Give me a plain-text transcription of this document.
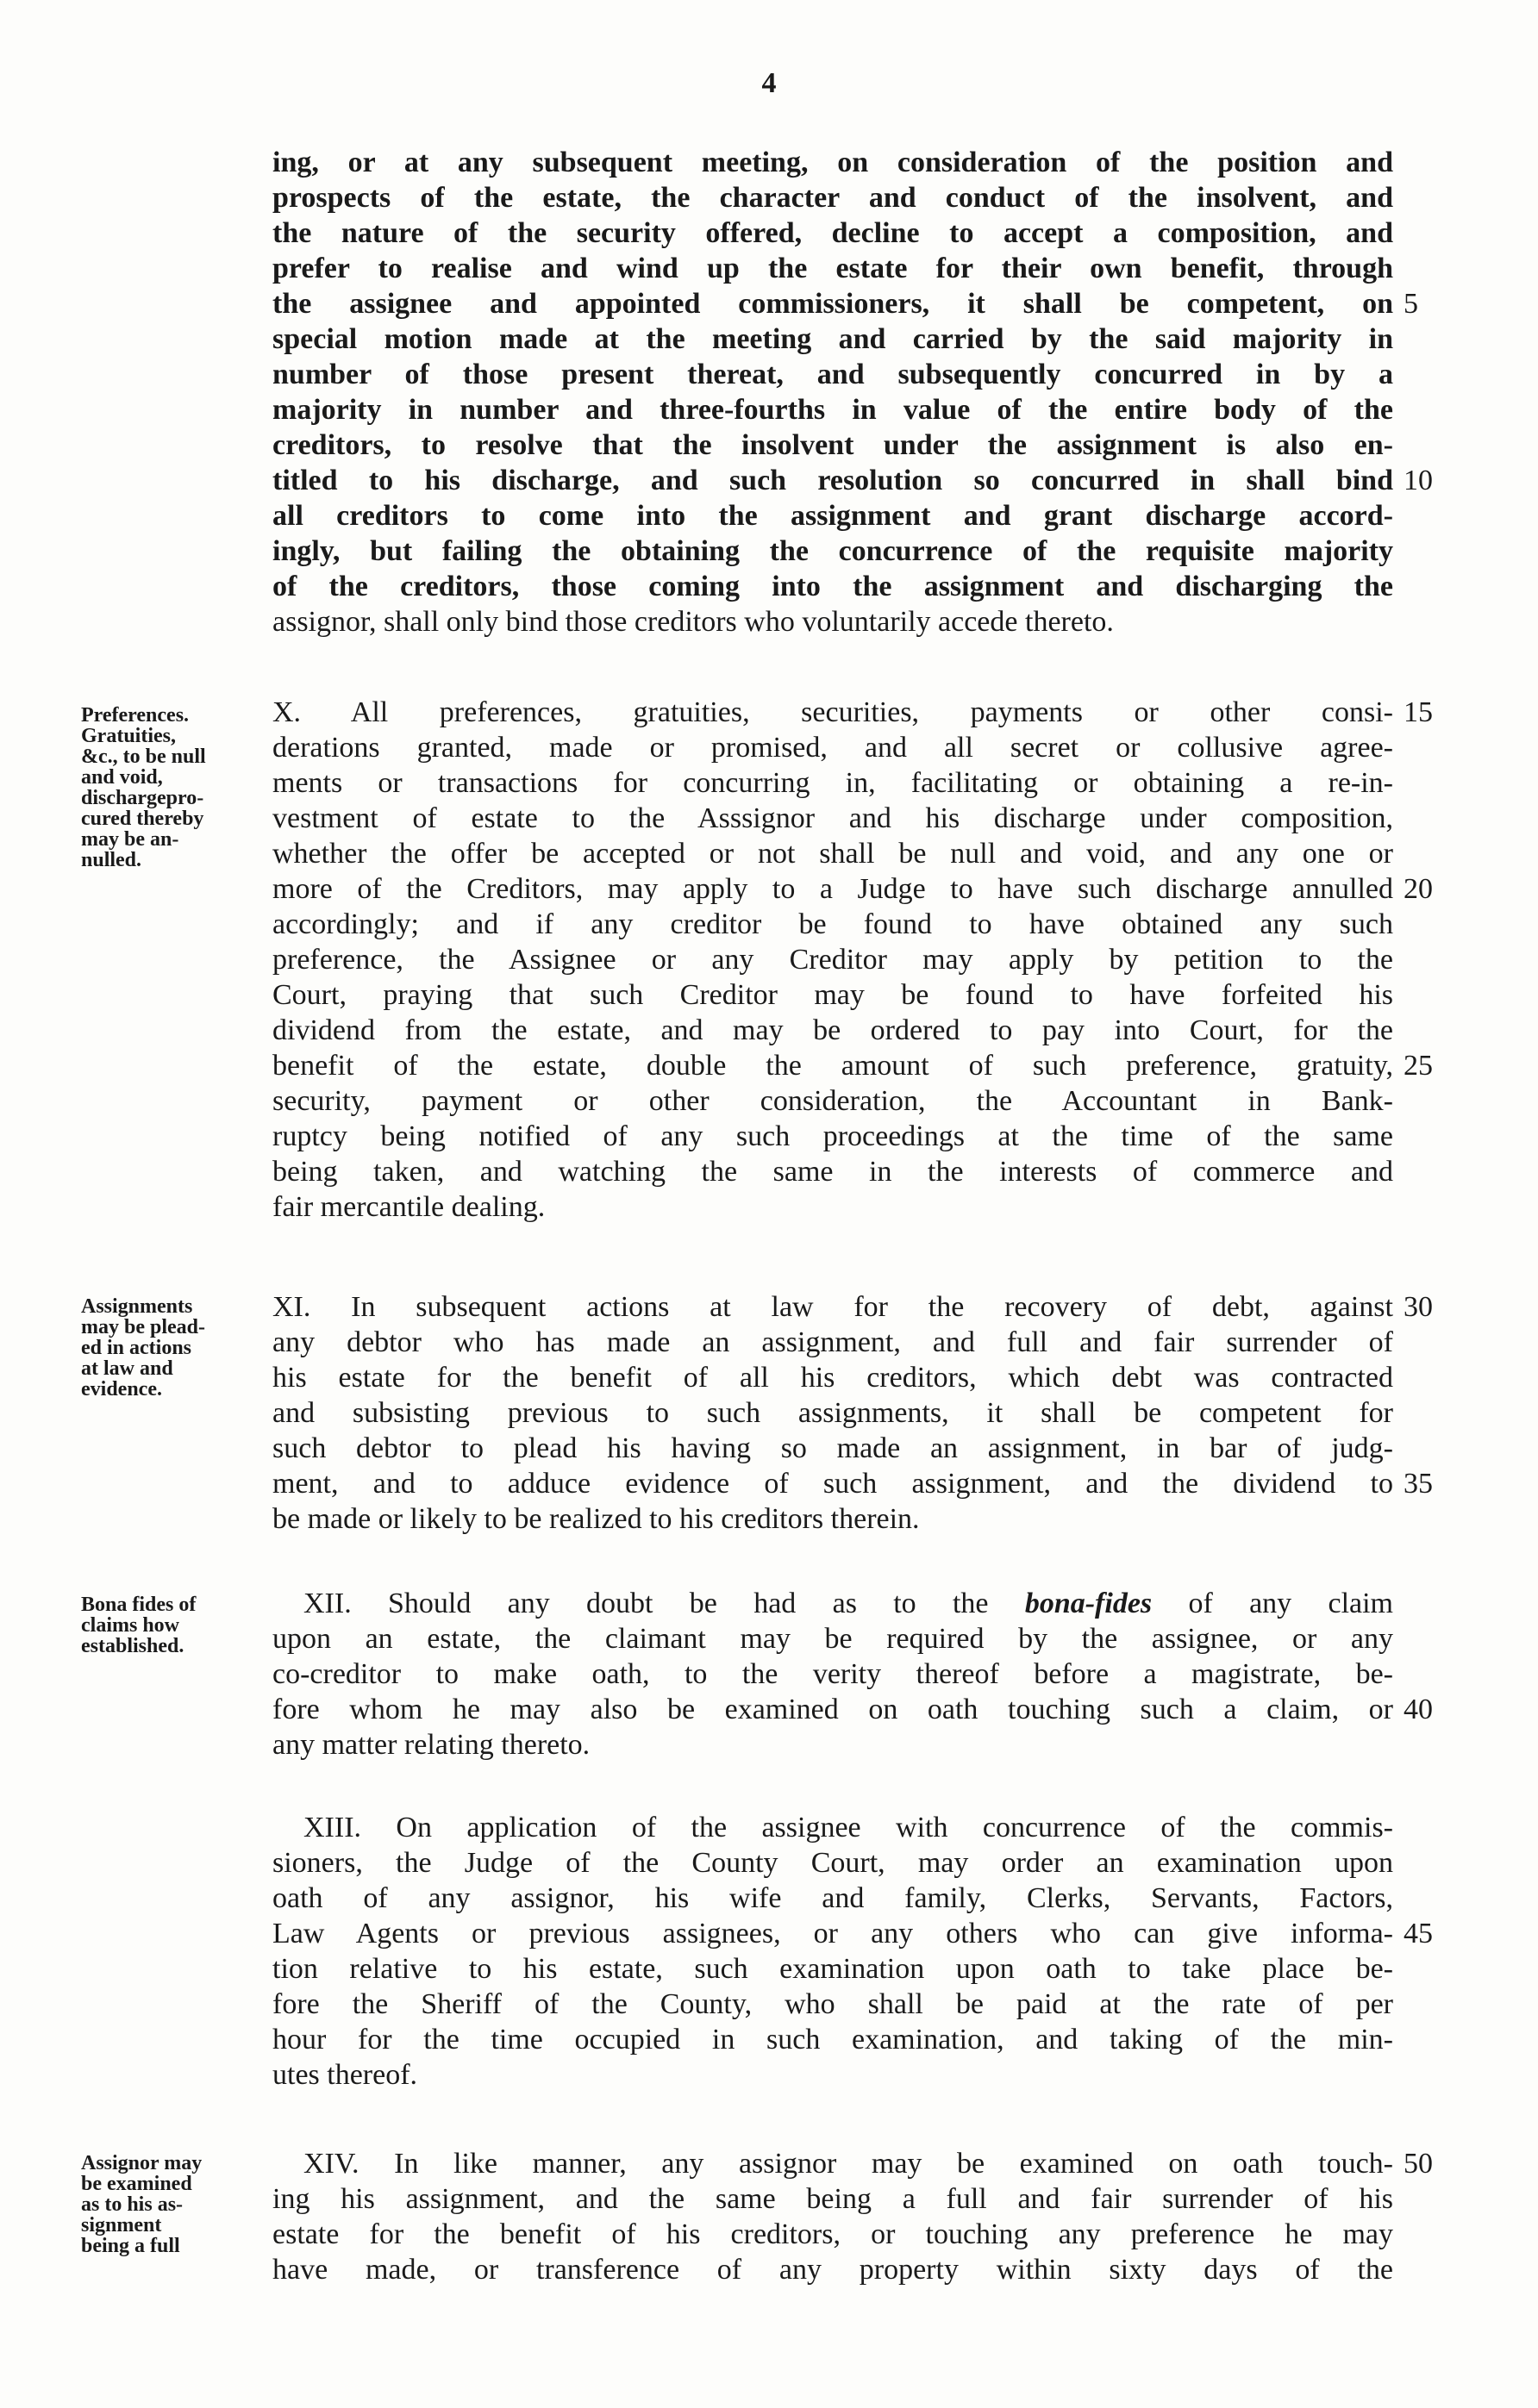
4
ing, or at any subsequent meeting, on consideration of the position and
prospects of the estate, the character and conduct of the insolvent, and
the nature of the security offered, decline to accept a composition, and
prefer to realise and wind up the estate for their own benefit, through
the assignee and appointed commissioners, it shall be competent, on 5
special motion made at the meeting and carried by the said majority in
number of those present thereat, and subsequently concurred in by a
majority in number and three-fourths in value of the entire body of the
creditors, to resolve that the insolvent under the assignment is also en-
titled to his discharge, and such resolution so concurred in shall bind 10
all creditors to come into the assignment and grant discharge accord-
ingly, but failing the obtaining the concurrence of the requisite majority
of the creditors, those coming into the assignment and discharging the
assignor, shall only bind those creditors who voluntarily accede thereto.
X. All preferences, gratuities, securities, payments or other consi- 15
derations granted, made or promised, and all secret or collusive agree-
ments or transactions for concurring in, facilitating or obtaining a re-in-
vestment of estate to the Asssignor and his discharge under composition,
whether the offer be accepted or not shall be null and void, and any one or
more of the Creditors, may apply to a Judge to have such discharge annulled 20
accordingly; and if any creditor be found to have obtained any such
preference, the Assignee or any Creditor may apply by petition to the
Court, praying that such Creditor may be found to have forfeited his
dividend from the estate, and may be ordered to pay into Court, for the
benefit of the estate, double the amount of such preference, gratuity, 25
security, payment or other consideration, the Accountant in Bank-
ruptcy being notified of any such proceedings at the time of the same
being taken, and watching the same in the interests of commerce and
fair mercantile dealing.
Preferences.
Gratuities,
&c., to be null
and void,
dischargepro-
cured thereby
may be an-
nulled.
XI. In subsequent actions at law for the recovery of debt, against 30
any debtor who has made an assignment, and full and fair surrender of
his estate for the benefit of all his creditors, which debt was contracted
and subsisting previous to such assignments, it shall be competent for
such debtor to plead his having so made an assignment, in bar of judg-
ment, and to adduce evidence of such assignment, and the dividend to 35
be made or likely to be realized to his creditors therein.
Assignments
may be plead-
ed in actions
at law and
evidence.
XII. Should any doubt be had as to the bona-fides of any claim
upon an estate, the claimant may be required by the assignee, or any
co-creditor to make oath, to the verity thereof before a magistrate, be-
fore whom he may also be examined on oath touching such a claim, or 40
any matter relating thereto.
Bona fides of
claims how
established.
XIII. On application of the assignee with concurrence of the commis-
sioners, the Judge of the County Court, may order an examination upon
oath of any assignor, his wife and family, Clerks, Servants, Factors,
Law Agents or previous assignees, or any others who can give informa- 45
tion relative to his estate, such examination upon oath to take place be-
fore the Sheriff of the County, who shall be paid at the rate of per
hour for the time occupied in such examination, and taking of the min-
utes thereof.
XIV. In like manner, any assignor may be examined on oath touch- 50
ing his assignment, and the same being a full and fair surrender of his
estate for the benefit of his creditors, or touching any preference he may
have made, or transference of any property within sixty days of the
Assignor may
be examined
as to his as-
signment
being a full
